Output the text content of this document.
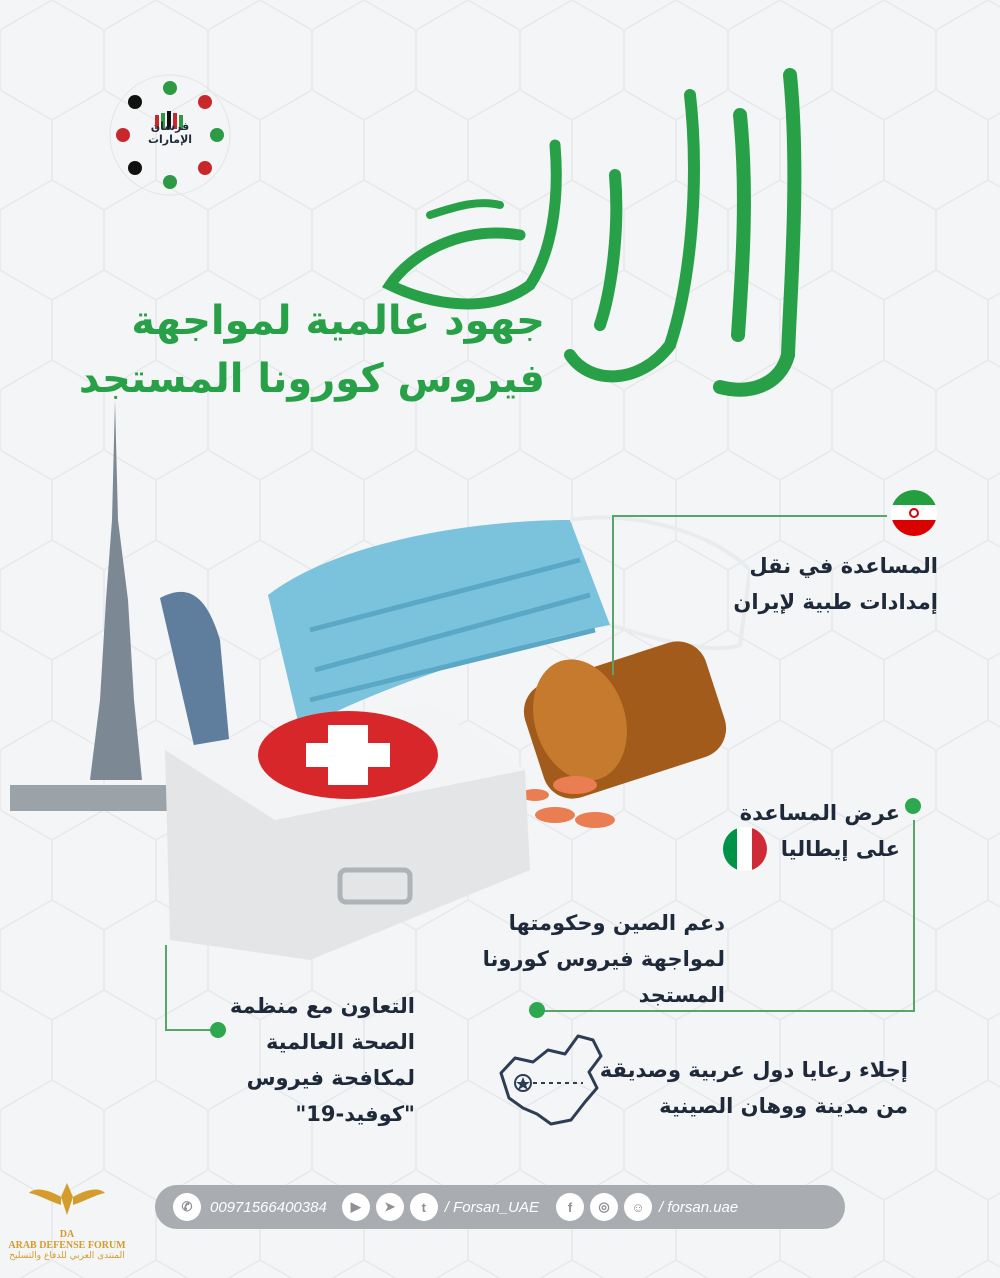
فرسان الإمارات
جهود عالمية لمواجهة
فيروس كورونا المستجد
المساعدة في نقل
إمدادات طبية لإيران
عرض المساعدة
على إيطاليا
دعم الصين وحكومتها
لمواجهة فيروس كورونا
المستجد
التعاون مع منظمة
الصحة العالمية
لمكافحة فيروس
"كوفيد-19"
إجلاء رعايا دول عربية وصديقة
من مدينة ووهان الصينية
✆	00971566400384	▶	➤	t	/ Forsan_UAE	f	◎	☺ / forsan.uae
DA
ARAB DEFENSE FORUM
المنتدى العربي للدفاع والتسليح
